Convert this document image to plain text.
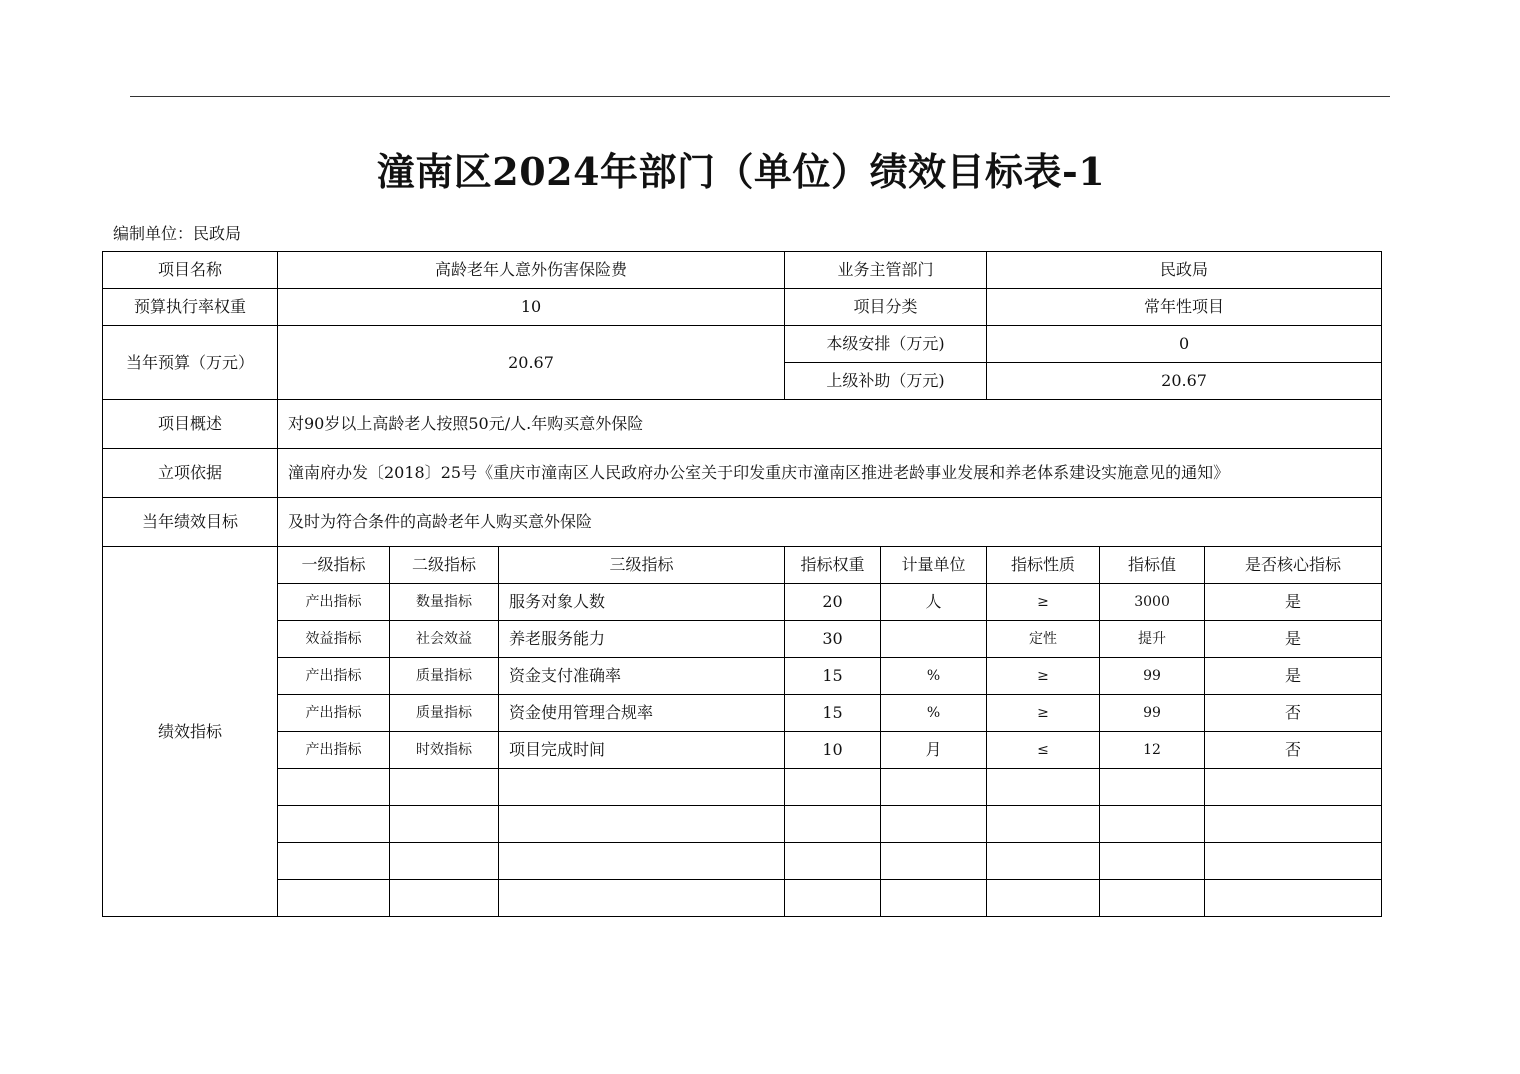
潼南区2024年部门（单位）绩效目标表-1
编制单位：民政局
项目名称	高龄老年人意外伤害保险费			业务主管部门		民政局		
预算执行率权重	10			项目分类		常年性项目		
当年预算（万元）	20.67			本级安排（万元)		0		
				上级补助（万元)		20.67		
项目概述	对90岁以上高龄老人按照50元/人.年购买意外保险							
立项依据	潼南府办发〔2018〕25号《重庆市潼南区人民政府办公室关于印发重庆市潼南区推进老龄事业发展和养老体系建设实施意见的通知》							
当年绩效目标	及时为符合条件的高龄老年人购买意外保险							
绩效指标	一级指标	二级指标	三级指标	指标权重	计量单位	指标性质	指标值	是否核心指标
	产出指标	数量指标	服务对象人数	20	人	≥	3000	是
	效益指标	社会效益	养老服务能力	30		定性	提升	是
	产出指标	质量指标	资金支付准确率	15	%	≥	99	是
	产出指标	质量指标	资金使用管理合规率	15	%	≥	99	否
	产出指标	时效指标	项目完成时间	10	月	≤	12	否
